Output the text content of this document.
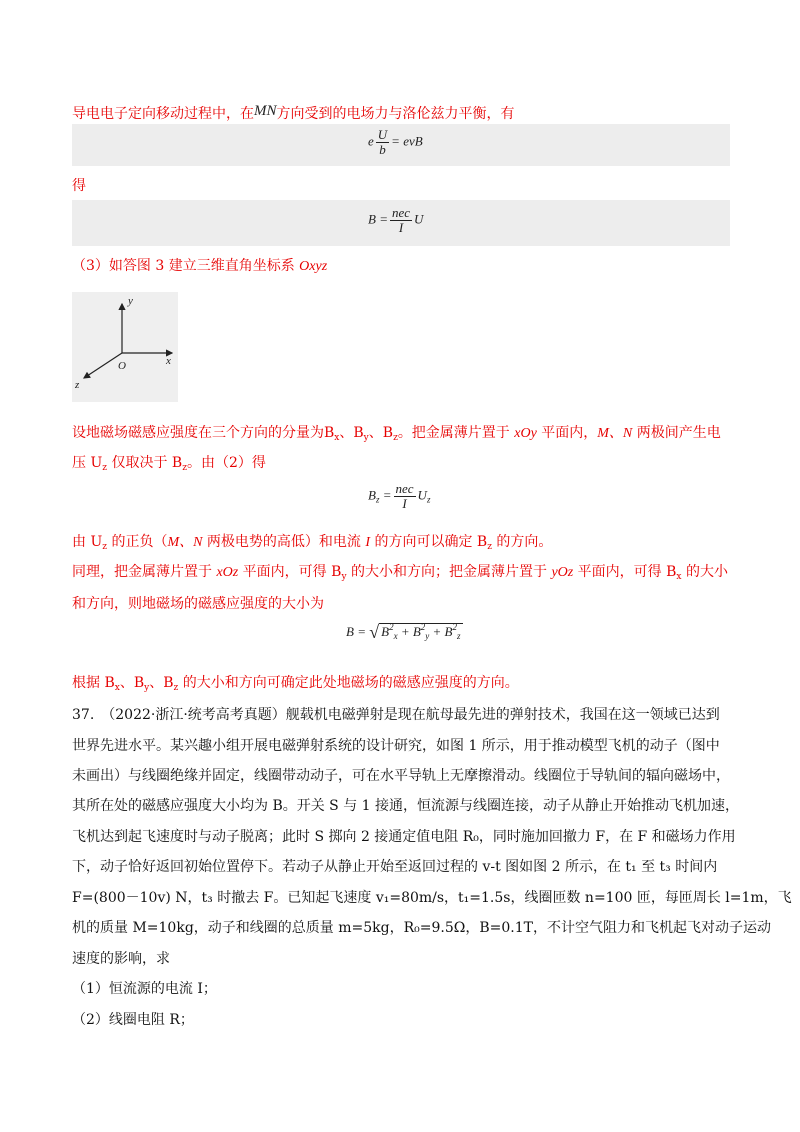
导电电子定向移动过程中，在MN方向受到的电场力与洛伦兹力平衡，有
e $\frac{U}{b}$ = evB
得
$B = \frac{\text{nec}}{I}$ U
（3）如答图 3 建立三维直角坐标系 Oxyz
y
x
z
O
设地磁场磁感应强度在三个方向的分量为$B_x$、$B_y$、$B_z$。把金属薄片置于 xOy 平面内，M、N 两极间产生电
压 $U_z$ 仅取决于 $B_z$。由（2）得
$B_z = \frac{\text{nec}}{I} U_z$
由 $U_z$ 的正负（M、N 两极电势的高低）和电流 I 的方向可以确定 $B_z$ 的方向。
同理，把金属薄片置于 xOz 平面内，可得 $B_y$ 的大小和方向；把金属薄片置于 yOz 平面内，可得 $B_x$ 的大小
和方向，则地磁场的磁感应强度的大小为
B = √ $B^2_x + B^2_y + B^2_z$
根据 $B_x$、$B_y$、$B_z$ 的大小和方向可确定此处地磁场的磁感应强度的方向。
37.　（2022·浙江·统考高考真题）舰载机电磁弹射是现在航母最先进的弹射技术，我国在这一领域已达到
世界先进水平。某兴趣小组开展电磁弹射系统的设计研究，如图 1 所示，用于推动模型飞机的动子（图中
未画出）与线圈绝缘并固定，线圈带动动子，可在水平导轨上无摩擦滑动。线圈位于导轨间的辐向磁场中，
其所在处的磁感应强度大小均为 B。开关 S 与 1 接通，恒流源与线圈连接，动子从静止开始推动飞机加速，
飞机达到起飞速度时与动子脱离；此时 S 掷向 2 接通定值电阻 R₀，同时施加回撤力 F，在 F 和磁场力作用
下，动子恰好返回初始位置停下。若动子从静止开始至返回过程的 v-t 图如图 2 所示，在 t₁ 至 t₃ 时间内
F=(800－10v) N，t₃ 时撤去 F。已知起飞速度 v₁=80m/s，t₁=1.5s，线圈匝数 n=100 匝，每匝周长 l=1m，飞
机的质量 M=10kg，动子和线圈的总质量 m=5kg，R₀=9.5Ω，B=0.1T，不计空气阻力和飞机起飞对动子运动
速度的影响，求
（1）恒流源的电流 I；
（2）线圈电阻 R；
